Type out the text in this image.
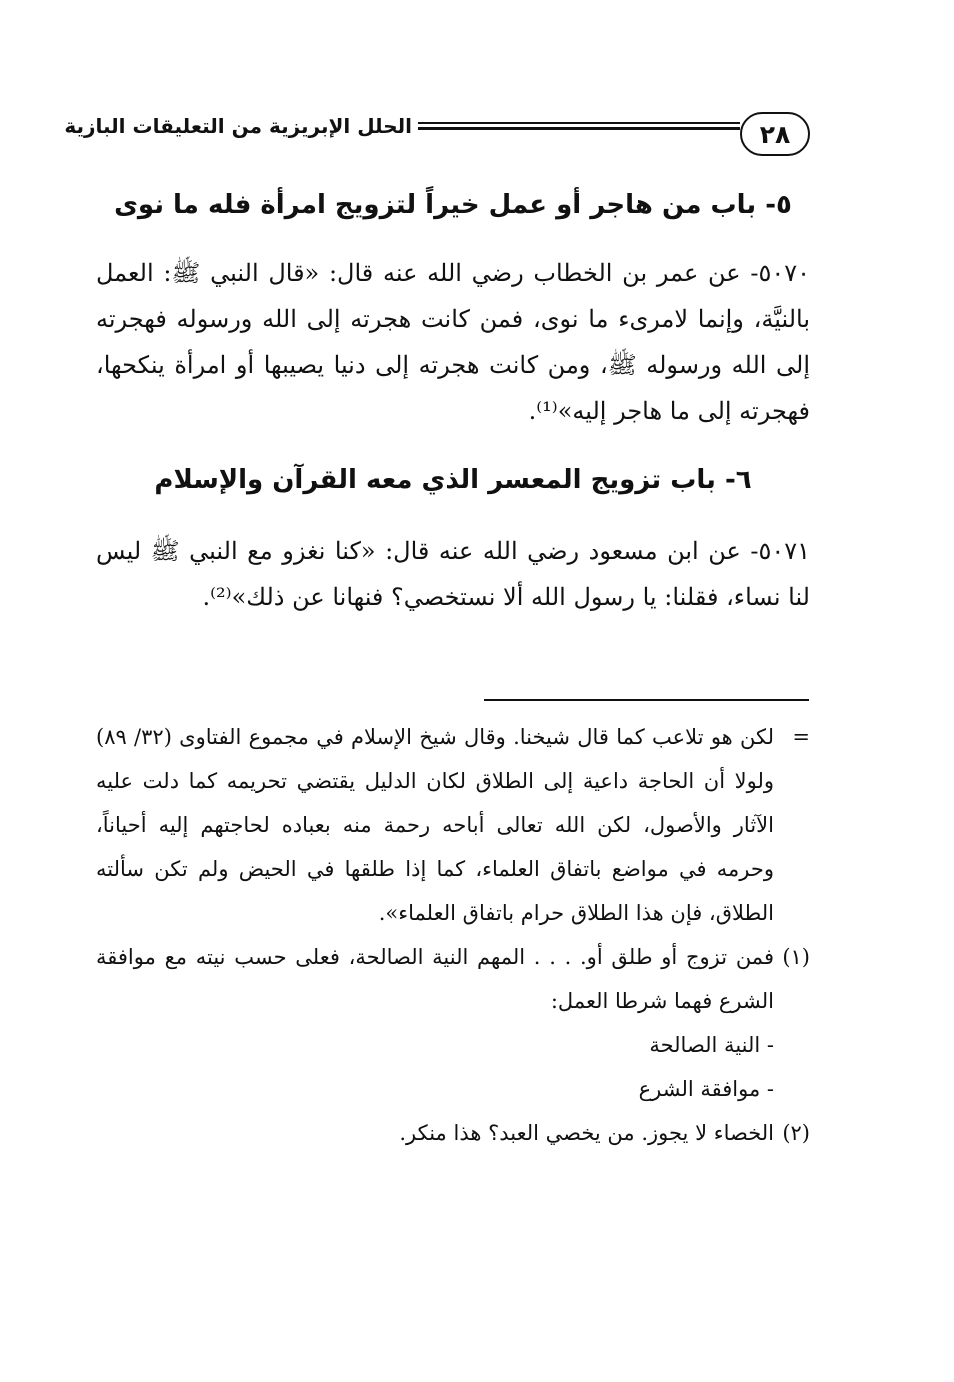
٢٨
الحلل الإبريزية من التعليقات البازية
٥- باب من هاجر أو عمل خيراً لتزويج امرأة فله ما نوى

٥٠٧٠- عن عمر بن الخطاب رضي الله عنه قال: «قال النبي ﷺ: العمل بالنيَّة، وإنما لامرىء ما نوى، فمن كانت هجرته إلى الله ورسوله فهجرته إلى الله ورسوله ﷺ، ومن كانت هجرته إلى دنيا يصيبها أو امرأة ينكحها، فهجرته إلى ما هاجر إليه»⁽¹⁾.

٦- باب تزويج المعسر الذي معه القرآن والإسلام

٥٠٧١- عن ابن مسعود رضي الله عنه قال: «كنا نغزو مع النبي ﷺ ليس لنا نساء، فقلنا: يا رسول الله ألا نستخصي؟ فنهانا عن ذلك»⁽²⁾.

=
لكن هو تلاعب كما قال شيخنا. وقال شيخ الإسلام في مجموع الفتاوى (٣٢/ ٨٩) ولولا أن الحاجة داعية إلى الطلاق لكان الدليل يقتضي تحريمه كما دلت عليه الآثار والأصول، لكن الله تعالى أباحه رحمة منه بعباده لحاجتهم إليه أحياناً، وحرمه في مواضع باتفاق العلماء، كما إذا طلقها في الحيض ولم تكن سألته الطلاق، فإن هذا الطلاق حرام باتفاق العلماء».
(١)
فمن تزوج أو طلق أو. . . . المهم النية الصالحة، فعلى حسب نيته مع موافقة الشرع فهما شرطا العمل:
- النية الصالحة
- موافقة الشرع
(٢)
الخصاء لا يجوز. من يخصي العبد؟ هذا منكر.
